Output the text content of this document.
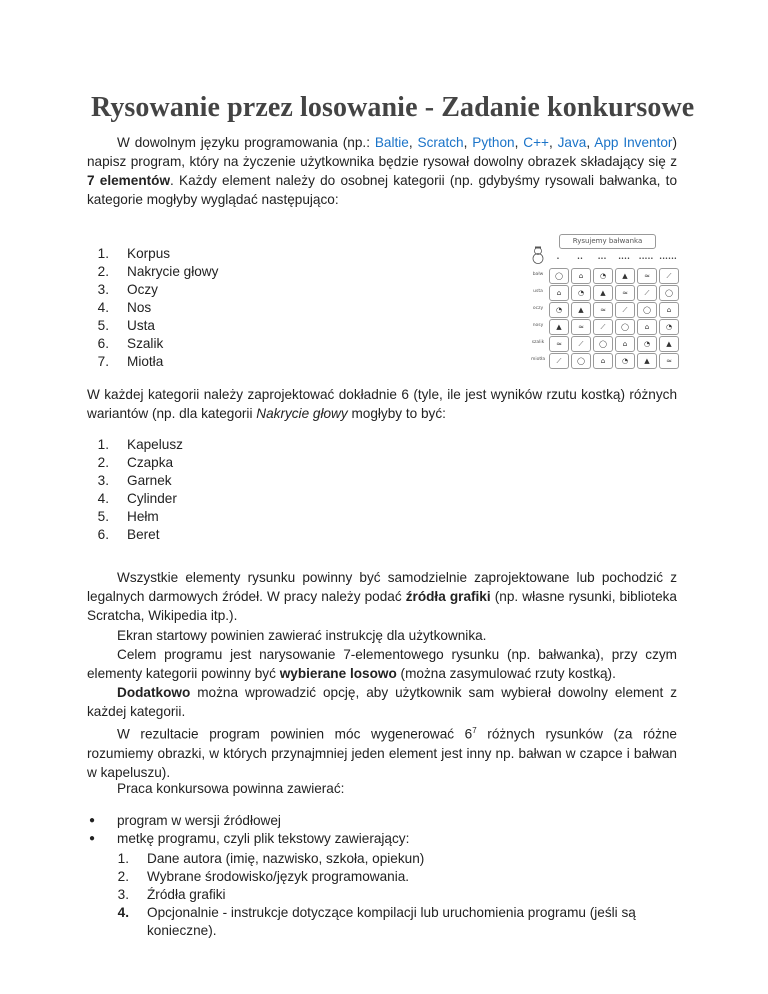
Rysowanie przez losowanie - Zadanie konkursowe

W dowolnym języku programowania (np.: Baltie, Scratch, Python, C++, Java, App Inventor) napisz program, który na życzenie użytkownika będzie rysował dowolny obrazek składający się z 7 elementów. Każdy element należy do osobnej kategorii (np. gdybyśmy rysowali bałwanka, to kategorie mogłyby wyglądać następująco:

Rysujemy bałwanka
•	••	•••	••••	•••••	••••••
bałw	◯	⌂	◔	▲	≈	⟋
usta	⌂	◔	▲	≈	⟋	◯
oczy	◔	▲	≈	⟋	◯	⌂
nosy	▲	≈	⟋	◯	⌂	◔
szalik	≈	⟋	◯	⌂	◔	▲
miotła	⟋	◯	⌂	◔	▲	≈
1. Korpus
2. Nakrycie głowy
3. Oczy
4. Nos
5. Usta
6. Szalik
7. Miotła

W każdej kategorii należy zaprojektować dokładnie 6 (tyle, ile jest wyników rzutu kostką) różnych wariantów (np. dla kategorii Nakrycie głowy mogłyby to być:

1. Kapelusz
2. Czapka
3. Garnek
4. Cylinder
5. Hełm
6. Beret

Wszystkie elementy rysunku powinny być samodzielnie zaprojektowane lub pochodzić z legalnych darmowych źródeł. W pracy należy podać źródła grafiki (np. własne rysunki, biblioteka Scratcha, Wikipedia itp.).

Ekran startowy powinien zawierać instrukcję dla użytkownika.

Celem programu jest narysowanie 7-elementowego rysunku (np. bałwanka), przy czym elementy kategorii powinny być wybierane losowo (można zasymulować rzuty kostką).

Dodatkowo można wprowadzić opcję, aby użytkownik sam wybierał dowolny element z każdej kategorii.

W rezultacie program powinien móc wygenerować $6^7$ różnych rysunków (za różne rozumiemy obrazki, w których przynajmniej jeden element jest inny np. bałwan w czapce i bałwan w kapeluszu).

Praca konkursowa powinna zawierać:

●	program w wersji źródłowej
●	metkę programu, czyli plik tekstowy zawierający:
1. Dane autora (imię, nazwisko, szkoła, opiekun)
2. Wybrane środowisko/język programowania.
3. Źródła grafiki
4. Opcjonalnie - instrukcje dotyczące kompilacji lub uruchomienia programu (jeśli są konieczne).
